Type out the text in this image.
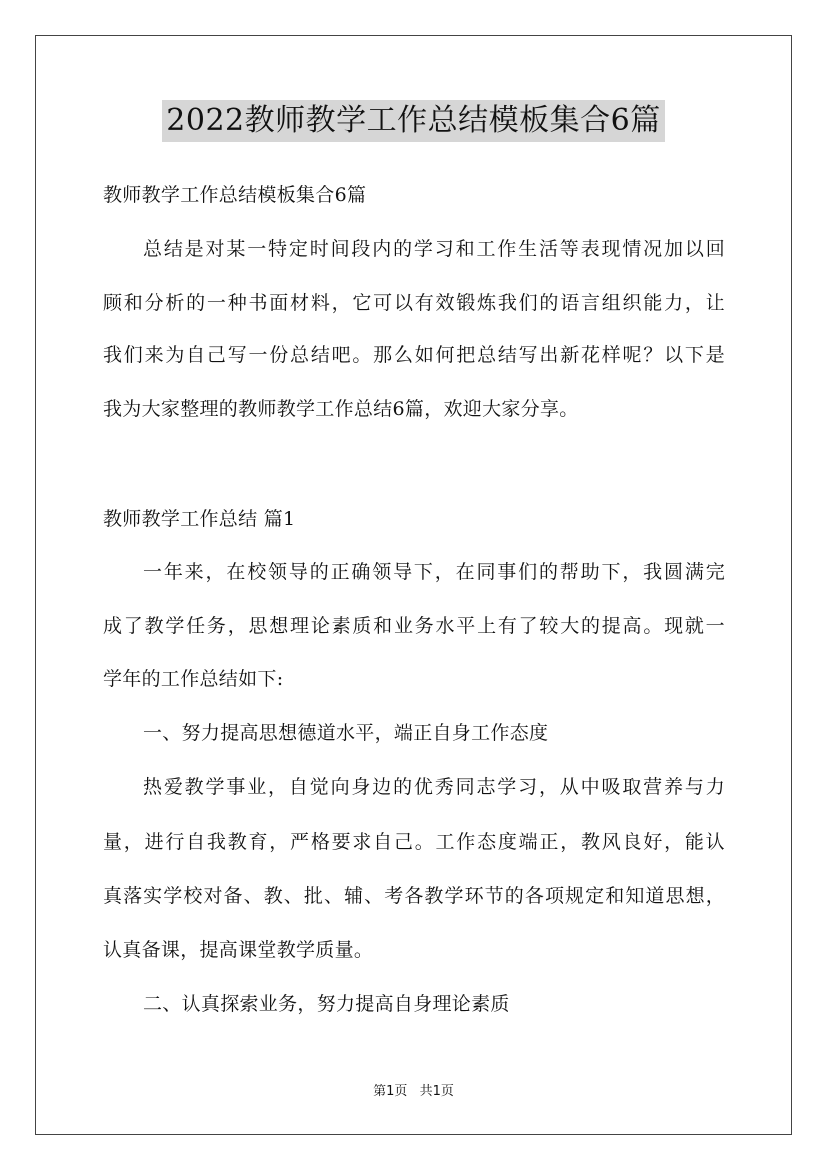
2022教师教学工作总结模板集合6篇
教师教学工作总结模板集合6篇
总结是对某一特定时间段内的学习和工作生活等表现情况加以回
顾和分析的一种书面材料，它可以有效锻炼我们的语言组织能力，让
我们来为自己写一份总结吧。那么如何把总结写出新花样呢？以下是
我为大家整理的教师教学工作总结6篇，欢迎大家分享。
教师教学工作总结 篇1
一年来，在校领导的正确领导下，在同事们的帮助下，我圆满完
成了教学任务，思想理论素质和业务水平上有了较大的提高。现就一
学年的工作总结如下:
一、努力提高思想德道水平，端正自身工作态度
热爱教学事业，自觉向身边的优秀同志学习，从中吸取营养与力
量，进行自我教育，严格要求自己。工作态度端正，教风良好，能认
真落实学校对备、教、批、辅、考各教学环节的各项规定和知道思想，
认真备课，提高课堂教学质量。
二、认真探索业务，努力提高自身理论素质
第1页 共1页
